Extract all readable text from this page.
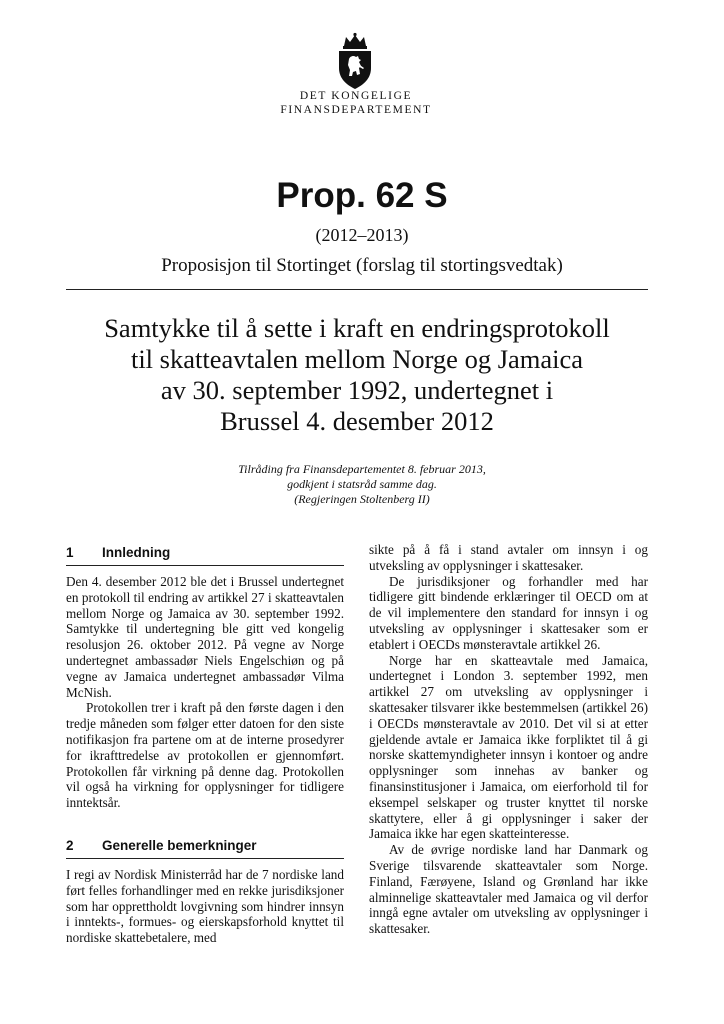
DET KONGELIGE
FINANSDEPARTEMENT
Prop. 62 S
(2012–2013)
Proposisjon til Stortinget (forslag til stortingsvedtak)
Samtykke til å sette i kraft en endringsprotokoll
til skatteavtalen mellom Norge og Jamaica
av 30. september 1992, undertegnet i
Brussel 4. desember 2012
Tilråding fra Finansdepartementet 8. februar 2013,
godkjent i statsråd samme dag.
(Regjeringen Stoltenberg II)
1	Innledning

Den 4. desember 2012 ble det i Brussel undertegnet en protokoll til endring av artikkel 27 i skatteavtalen mellom Norge og Jamaica av 30. september 1992. Samtykke til undertegning ble gitt ved kongelig resolusjon 26. oktober 2012. På vegne av Norge undertegnet ambassadør Niels Engelschiøn og på vegne av Jamaica undertegnet ambassadør Vilma McNish.

Protokollen trer i kraft på den første dagen i den tredje måneden som følger etter datoen for den siste notifikasjon fra partene om at de interne prosedyrer for ikrafttredelse av protokollen er gjennomført. Protokollen får virkning på denne dag. Protokollen vil også ha virkning for opplysninger for tidligere inntektsår.

2	Generelle bemerkninger

I regi av Nordisk Ministerråd har de 7 nordiske land ført felles forhandlinger med en rekke jurisdiksjoner som har opprettholdt lovgivning som hindrer innsyn i inntekts-, formues- og eierskapsforhold knyttet til nordiske skattebetalere, med

sikte på å få i stand avtaler om innsyn i og utveksling av opplysninger i skattesaker.

De jurisdiksjoner og forhandler med har tidligere gitt bindende erklæringer til OECD om at de vil implementere den standard for innsyn i og utveksling av opplysninger i skattesaker som er etablert i OECDs mønsteravtale artikkel 26.

Norge har en skatteavtale med Jamaica, undertegnet i London 3. september 1992, men artikkel 27 om utveksling av opplysninger i skattesaker tilsvarer ikke bestemmelsen (artikkel 26) i OECDs mønsteravtale av 2010. Det vil si at etter gjeldende avtale er Jamaica ikke forpliktet til å gi norske skattemyndigheter innsyn i kontoer og andre opplysninger som innehas av banker og finansinstitusjoner i Jamaica, om eierforhold til for eksempel selskaper og truster knyttet til norske skattytere, eller å gi opplysninger i saker der Jamaica ikke har egen skatteinteresse.

Av de øvrige nordiske land har Danmark og Sverige tilsvarende skatteavtaler som Norge. Finland, Færøyene, Island og Grønland har ikke alminnelige skatteavtaler med Jamaica og vil derfor inngå egne avtaler om utveksling av opplysninger i skattesaker.
